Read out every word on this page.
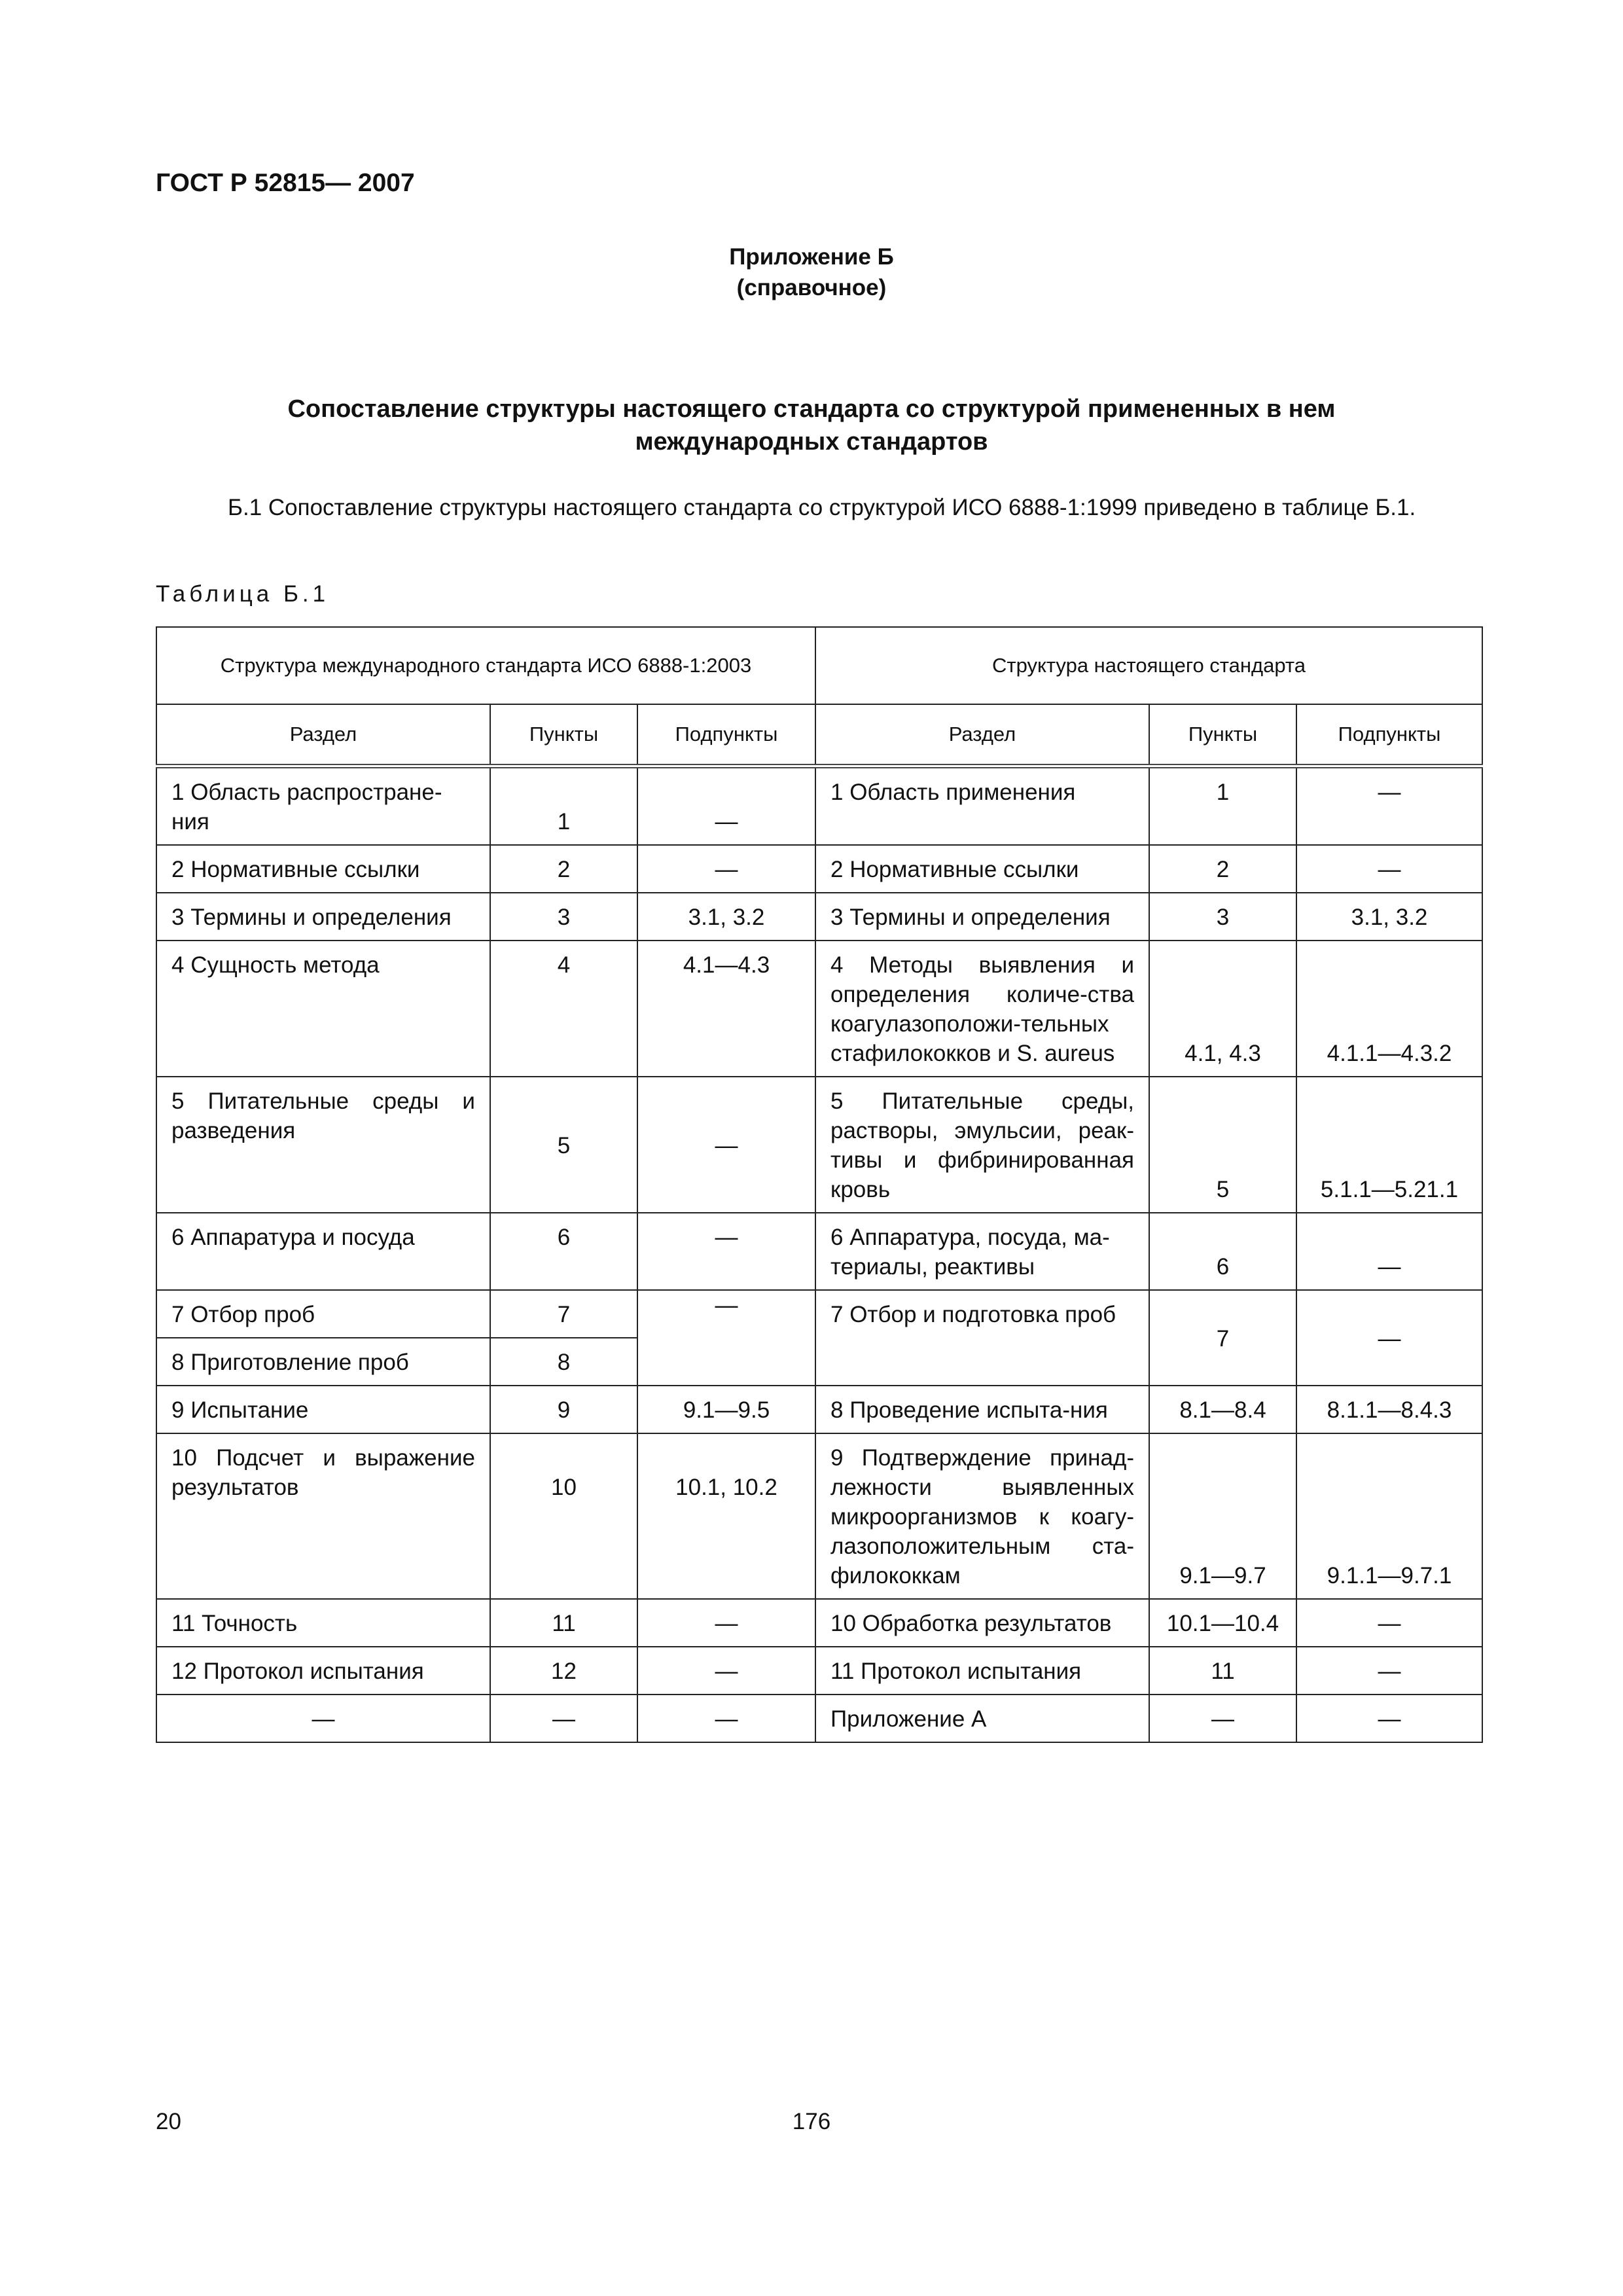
ГОСТ Р 52815— 2007
Приложение Б
(справочное)
Сопоставление структуры настоящего стандарта со структурой примененных в нем международных стандартов
Б.1 Сопоставление структуры настоящего стандарта со структурой ИСО 6888-1:1999 приведено в таблице Б.1.
Таблица Б.1
Структура международного стандарта ИСО 6888-1:2003			Структура настоящего стандарта		
Раздел	Пункты	Подпункты	Раздел	Пункты	Подпункты
1 Область распростране-ния	1	—	1 Область применения	1	—
2 Нормативные ссылки	2	—	2 Нормативные ссылки	2	—
3 Термины и определения	3	3.1, 3.2	3 Термины и определения	3	3.1, 3.2
4 Сущность метода	4	4.1—4.3	4 Методы выявления и определения количе-ства коагулазоположи-тельных стафилококков и S. aureus	4.1, 4.3	4.1.1—4.3.2
5 Питательные среды и разведения	5	—	5 Питательные среды, растворы, эмульсии, реак-тивы и фибринированная кровь	5	5.1.1—5.21.1
6 Аппаратура и посуда	6	—	6 Аппаратура, посуда, ма-териалы, реактивы	6	—
7 Отбор проб	7	—	7 Отбор и подготовка проб	7	—
8 Приготовление проб	8				
9 Испытание	9	9.1—9.5	8 Проведение испыта-ния	8.1—8.4	8.1.1—8.4.3
10 Подсчет и выражение результатов	10	10.1, 10.2	9 Подтверждение принад-лежности выявленных микроорганизмов к коагу-лазоположительным ста-филококкам	9.1—9.7	9.1.1—9.7.1
11 Точность	11	—	10 Обработка результатов	10.1—10.4	—
12 Протокол испытания	12	—	11 Протокол испытания	11	—
—	—	—	Приложение А	—	—
20	176
